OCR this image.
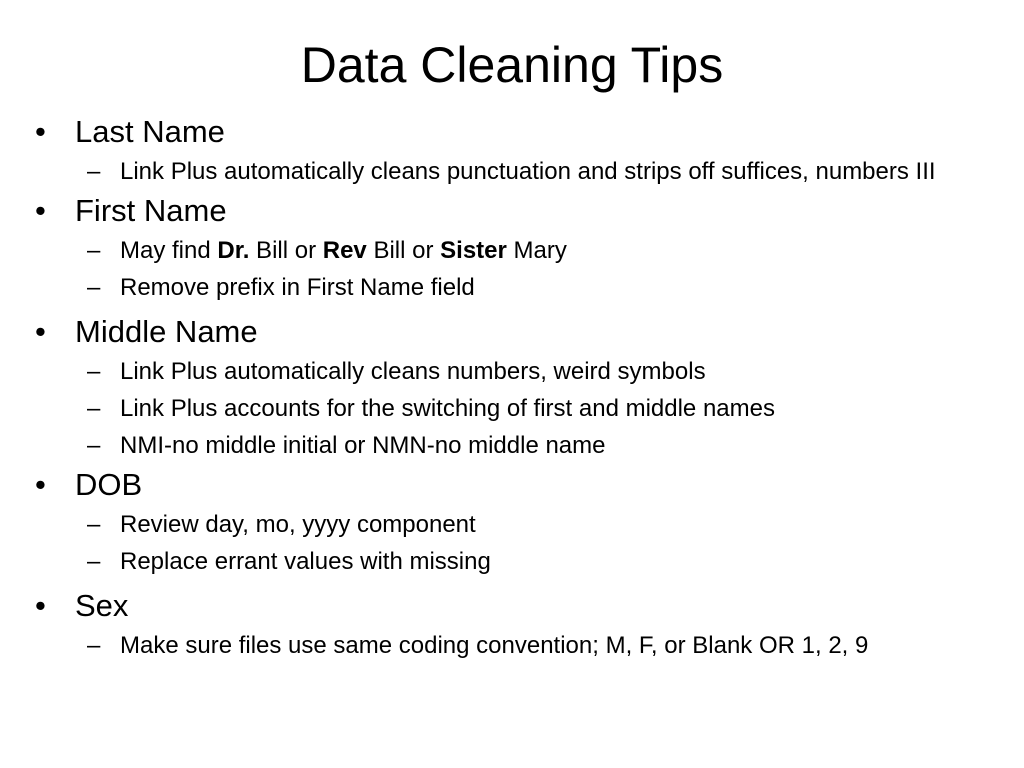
Data Cleaning Tips
• Last Name
– Link Plus automatically cleans punctuation and strips off suffices, numbers III
• First Name
– May find Dr. Bill or Rev Bill or Sister Mary
– Remove prefix in First Name field
• Middle Name
– Link Plus automatically cleans numbers, weird symbols
– Link Plus accounts for the switching of first and middle names
– NMI-no middle initial or NMN-no middle name
• DOB
– Review day, mo, yyyy component
– Replace errant values with missing
• Sex
– Make sure files use same coding convention; M, F, or Blank OR 1, 2, 9
